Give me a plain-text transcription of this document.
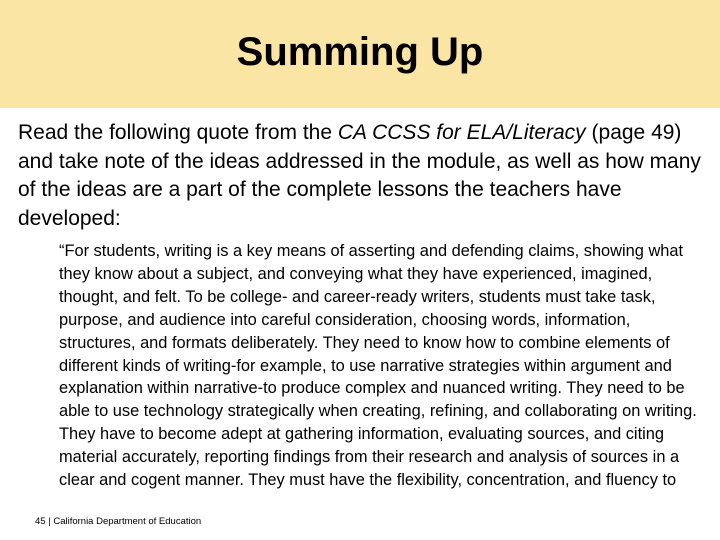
Summing Up

Read the following quote from the CA CCSS for ELA/Literacy (page 49) and take note of the ideas addressed in the module, as well as how many of the ideas are a part of the complete lessons the teachers have developed:

“For students, writing is a key means of asserting and defending claims, showing what they know about a subject, and conveying what they have experienced, imagined, thought, and felt. To be college- and career-ready writers, students must take task, purpose, and audience into careful consideration, choosing words, information, structures, and formats deliberately. They need to know how to combine elements of different kinds of writing-for example, to use narrative strategies within argument and explanation within narrative-to produce complex and nuanced writing. They need to be able to use technology strategically when creating, refining, and collaborating on writing. They have to become adept at gathering information, evaluating sources, and citing material accurately, reporting findings from their research and analysis of sources in a clear and cogent manner. They must have the flexibility, concentration, and fluency to

45 | California Department of Education
